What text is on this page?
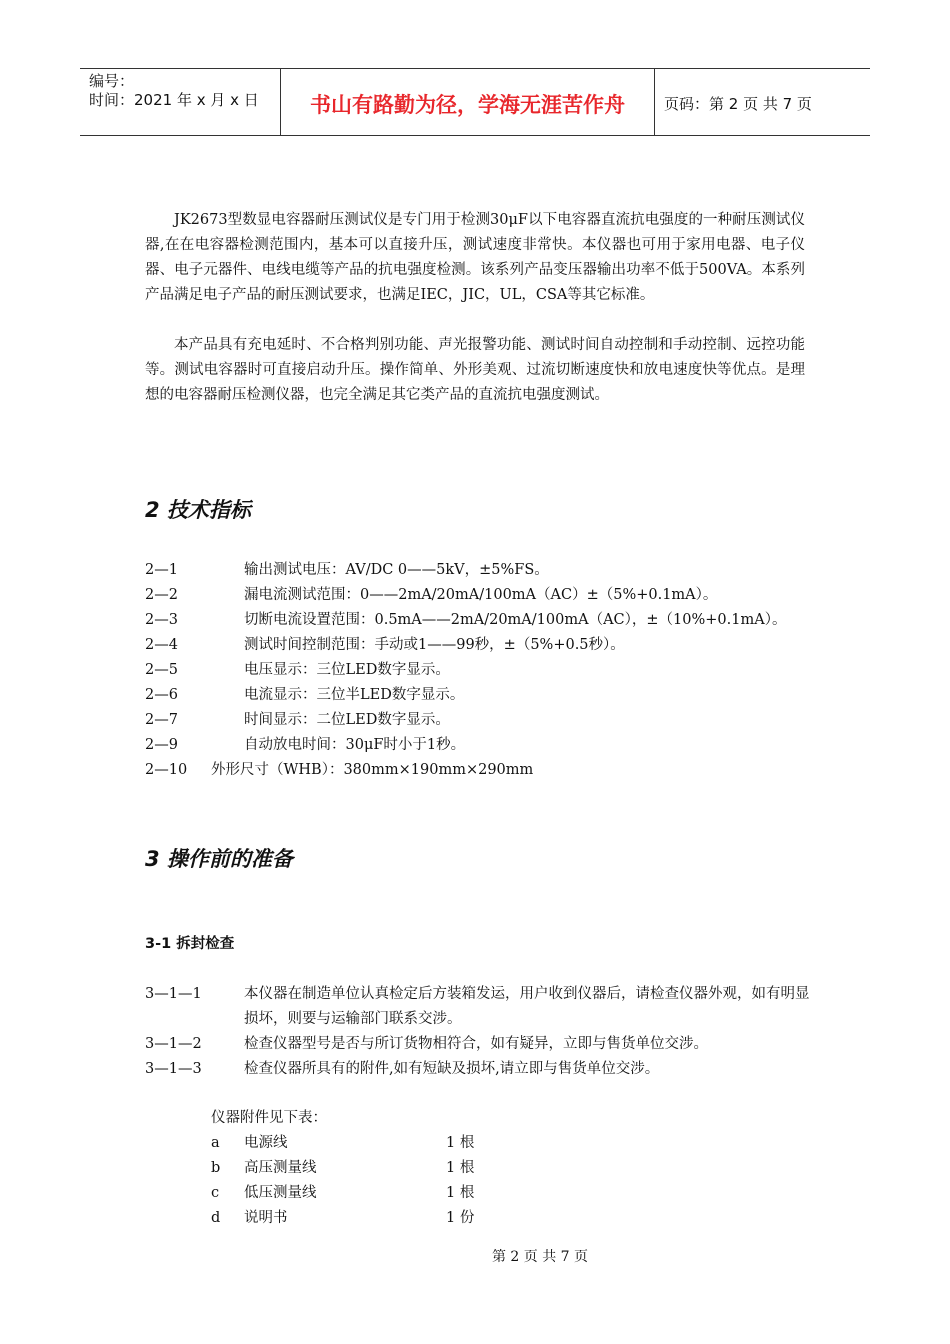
编号：
时间：2021 年 x 月 x 日	书山有路勤为径，学海无涯苦作舟	页码：第 2 页 共 7 页

JK2673型数显电容器耐压测试仪是专门用于检测30μF以下电容器直流抗电强度的一种耐压测试仪器,在在电容器检测范围内，基本可以直接升压，测试速度非常快。本仪器也可用于家用电器、电子仪器、电子元器件、电线电缆等产品的抗电强度检测。该系列产品变压器输出功率不低于500VA。本系列产品满足电子产品的耐压测试要求，也满足IEC，JIC，UL，CSA等其它标准。

本产品具有充电延时、不合格判别功能、声光报警功能、测试时间自动控制和手动控制、远控功能等。测试电容器时可直接启动升压。操作简单、外形美观、过流切断速度快和放电速度快等优点。是理想的电容器耐压检测仪器，也完全满足其它类产品的直流抗电强度测试。

2 技术指标
2—1	输出测试电压：AV/DC 0——5kV，±5%FS。
2—2	漏电流测试范围：0——2mA/20mA/100mA（AC）±（5%+0.1mA）。
2—3	切断电流设置范围：0.5mA——2mA/20mA/100mA（AC），±（10%+0.1mA）。
2—4	测试时间控制范围：手动或1——99秒，±（5%+0.5秒）。
2—5	电压显示：三位LED数字显示。
2—6	电流显示：三位半LED数字显示。
2—7	时间显示：二位LED数字显示。
2—9	自动放电时间：30μF时小于1秒。
2—10	外形尺寸（WHB）：380mm×190mm×290mm
3 操作前的准备
3-1 拆封检查
3—1—1	本仪器在制造单位认真检定后方装箱发运，用户收到仪器后，请检查仪器外观，如有明显损坏，则要与运输部门联系交涉。
3—1—2	检查仪器型号是否与所订货物相符合，如有疑异，立即与售货单位交涉。
3—1—3	检查仪器所具有的附件,如有短缺及损坏,请立即与售货单位交涉。
仪器附件见下表：
a	电源线	1 根
b	高压测量线	1 根
c	低压测量线	1 根
d	说明书	1 份
第 2 页 共 7 页
